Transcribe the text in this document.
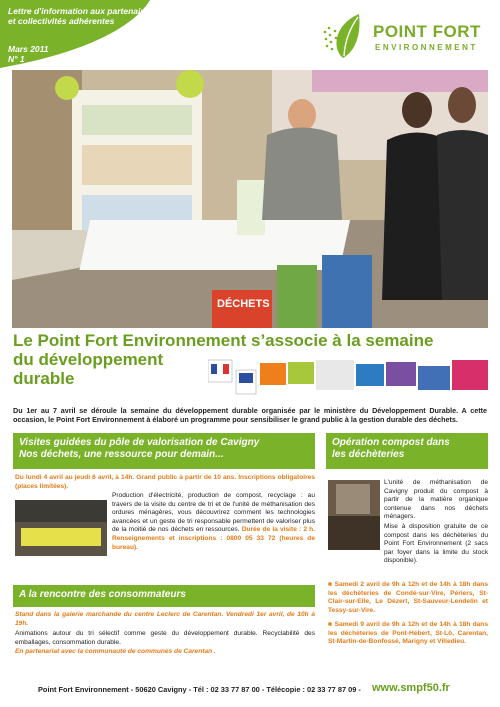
Lettre d'information aux partenaires
et collectivités adhérentes
Mars 2011
N° 1
POINT FORT
ENVIRONNEMENT
DÉCHETS
Le Point Fort Environnement s’associe à la semaine
du développement
durable
Du 1er au 7 avril se déroule la semaine du développement durable organisée par le ministère du Développement Durable. A cette occasion, le Point Fort Environnement à élaboré un programme pour sensibiliser le grand public à la gestion durable des déchets.
Visites guidées du pôle de valorisation de Cavigny
Nos déchets, une ressource pour demain...
Du lundi 4 avril au jeudi 6 avril, à 14h. Grand public à partir de 10 ans. Inscriptions obligatoires (places limitées).
Production d'électricité, production de compost, recyclage : au travers de la visite du centre de tri et de l'unité de méthanisation des ordures ménagères, vous découvrirez comment les technologies avancées et un geste de tri responsable permettent de valoriser plus de la moitié de nos déchets en ressources. Durée de la visite : 2 h. Renseignements et inscriptions : 0800 05 33 72 (heures de bureau).
A la rencontre des consommateurs
Stand dans la galerie marchande du centre Leclerc de Carentan. Vendredi 1er avril, de 10h à 19h.
Animations autour du tri sélectif comme geste du développement durable. Recyclabilité des emballages, consommation durable.
En partenariat avec la communauté de communes de Carentan .
Opération compost dans
les déchèteries
L'unité de méthanisation de Cavigny produit du compost à partir de la matière organique contenue dans nos déchets ménagers.
Mise à disposition gratuite de ce compost dans les déchèteries du Point Fort Environnement (2 sacs par foyer dans la limite du stock disponible).
■ Samedi 2 avril de 9h à 12h et de 14h à 18h dans les déchèteries de Condé-sur-Vire, Périers, St-Clair-sur-Elle, Le Dézert, St-Sauveur-Lendelin et Tessy-sur-Vire.
■ Samedi 9 avril de 9h à 12h et de 14h à 18h dans les déchèteries de Pont-Hébert, St-Lô, Carentan, St-Martin-de-Bonfossé, Marigny et Villedieu.
Point Fort Environnement - 50620 Cavigny - Tél : 02 33 77 87 00 - Télécopie : 02 33 77 87 09 - www.smpf50.fr
